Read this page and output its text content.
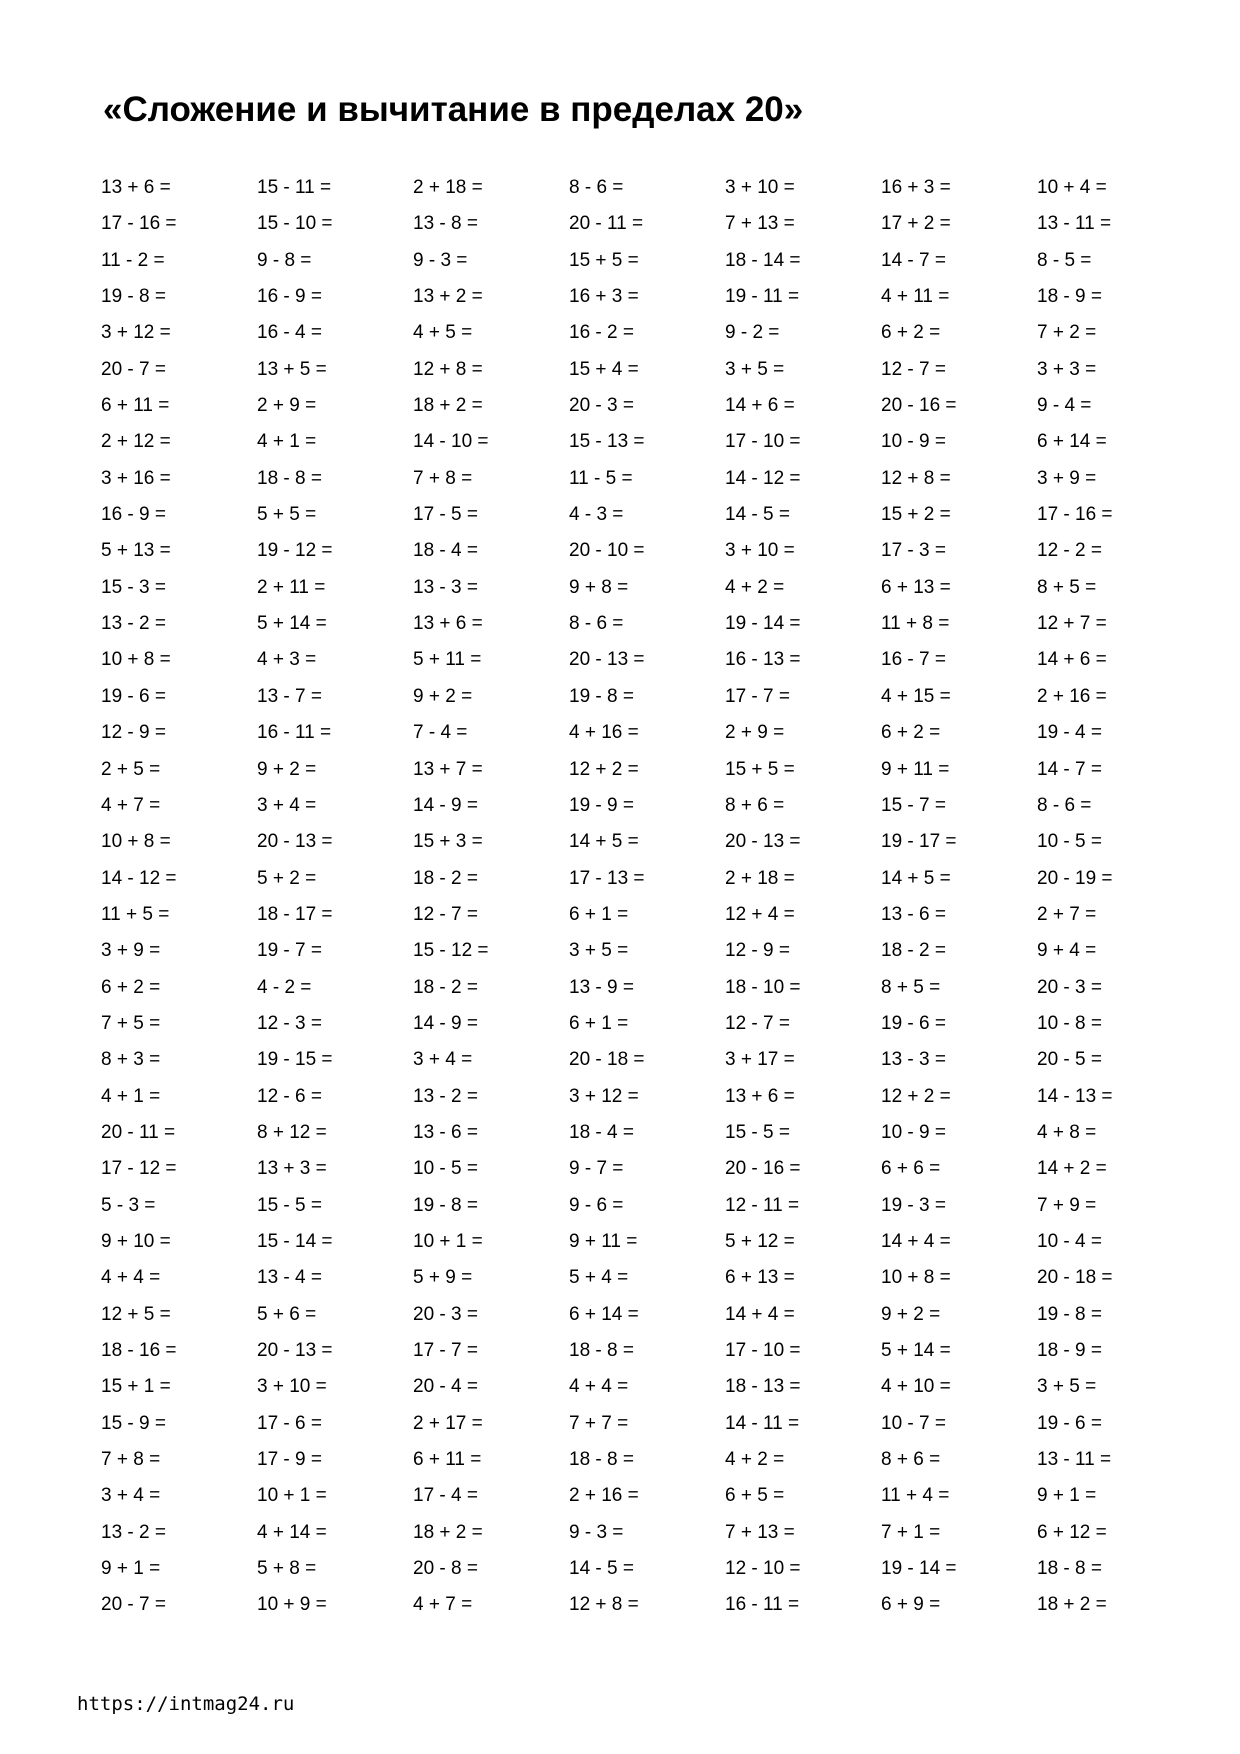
«Сложение и вычитание в пределах 20»
13 + 6 =	15 - 11 =	2 + 18 =	8 - 6 =	3 + 10 =	16 + 3 =	10 + 4 =
17 - 16 =	15 - 10 =	13 - 8 =	20 - 11 =	7 + 13 =	17 + 2 =	13 - 11 =
11 - 2 =	9 - 8 =	9 - 3 =	15 + 5 =	18 - 14 =	14 - 7 =	8 - 5 =
19 - 8 =	16 - 9 =	13 + 2 =	16 + 3 =	19 - 11 =	4 + 11 =	18 - 9 =
3 + 12 =	16 - 4 =	4 + 5 =	16 - 2 =	9 - 2 =	6 + 2 =	7 + 2 =
20 - 7 =	13 + 5 =	12 + 8 =	15 + 4 =	3 + 5 =	12 - 7 =	3 + 3 =
6 + 11 =	2 + 9 =	18 + 2 =	20 - 3 =	14 + 6 =	20 - 16 =	9 - 4 =
2 + 12 =	4 + 1 =	14 - 10 =	15 - 13 =	17 - 10 =	10 - 9 =	6 + 14 =
3 + 16 =	18 - 8 =	7 + 8 =	11 - 5 =	14 - 12 =	12 + 8 =	3 + 9 =
16 - 9 =	5 + 5 =	17 - 5 =	4 - 3 =	14 - 5 =	15 + 2 =	17 - 16 =
5 + 13 =	19 - 12 =	18 - 4 =	20 - 10 =	3 + 10 =	17 - 3 =	12 - 2 =
15 - 3 =	2 + 11 =	13 - 3 =	9 + 8 =	4 + 2 =	6 + 13 =	8 + 5 =
13 - 2 =	5 + 14 =	13 + 6 =	8 - 6 =	19 - 14 =	11 + 8 =	12 + 7 =
10 + 8 =	4 + 3 =	5 + 11 =	20 - 13 =	16 - 13 =	16 - 7 =	14 + 6 =
19 - 6 =	13 - 7 =	9 + 2 =	19 - 8 =	17 - 7 =	4 + 15 =	2 + 16 =
12 - 9 =	16 - 11 =	7 - 4 =	4 + 16 =	2 + 9 =	6 + 2 =	19 - 4 =
2 + 5 =	9 + 2 =	13 + 7 =	12 + 2 =	15 + 5 =	9 + 11 =	14 - 7 =
4 + 7 =	3 + 4 =	14 - 9 =	19 - 9 =	8 + 6 =	15 - 7 =	8 - 6 =
10 + 8 =	20 - 13 =	15 + 3 =	14 + 5 =	20 - 13 =	19 - 17 =	10 - 5 =
14 - 12 =	5 + 2 =	18 - 2 =	17 - 13 =	2 + 18 =	14 + 5 =	20 - 19 =
11 + 5 =	18 - 17 =	12 - 7 =	6 + 1 =	12 + 4 =	13 - 6 =	2 + 7 =
3 + 9 =	19 - 7 =	15 - 12 =	3 + 5 =	12 - 9 =	18 - 2 =	9 + 4 =
6 + 2 =	4 - 2 =	18 - 2 =	13 - 9 =	18 - 10 =	8 + 5 =	20 - 3 =
7 + 5 =	12 - 3 =	14 - 9 =	6 + 1 =	12 - 7 =	19 - 6 =	10 - 8 =
8 + 3 =	19 - 15 =	3 + 4 =	20 - 18 =	3 + 17 =	13 - 3 =	20 - 5 =
4 + 1 =	12 - 6 =	13 - 2 =	3 + 12 =	13 + 6 =	12 + 2 =	14 - 13 =
20 - 11 =	8 + 12 =	13 - 6 =	18 - 4 =	15 - 5 =	10 - 9 =	4 + 8 =
17 - 12 =	13 + 3 =	10 - 5 =	9 - 7 =	20 - 16 =	6 + 6 =	14 + 2 =
5 - 3 =	15 - 5 =	19 - 8 =	9 - 6 =	12 - 11 =	19 - 3 =	7 + 9 =
9 + 10 =	15 - 14 =	10 + 1 =	9 + 11 =	5 + 12 =	14 + 4 =	10 - 4 =
4 + 4 =	13 - 4 =	5 + 9 =	5 + 4 =	6 + 13 =	10 + 8 =	20 - 18 =
12 + 5 =	5 + 6 =	20 - 3 =	6 + 14 =	14 + 4 =	9 + 2 =	19 - 8 =
18 - 16 =	20 - 13 =	17 - 7 =	18 - 8 =	17 - 10 =	5 + 14 =	18 - 9 =
15 + 1 =	3 + 10 =	20 - 4 =	4 + 4 =	18 - 13 =	4 + 10 =	3 + 5 =
15 - 9 =	17 - 6 =	2 + 17 =	7 + 7 =	14 - 11 =	10 - 7 =	19 - 6 =
7 + 8 =	17 - 9 =	6 + 11 =	18 - 8 =	4 + 2 =	8 + 6 =	13 - 11 =
3 + 4 =	10 + 1 =	17 - 4 =	2 + 16 =	6 + 5 =	11 + 4 =	9 + 1 =
13 - 2 =	4 + 14 =	18 + 2 =	9 - 3 =	7 + 13 =	7 + 1 =	6 + 12 =
9 + 1 =	5 + 8 =	20 - 8 =	14 - 5 =	12 - 10 =	19 - 14 =	18 - 8 =
20 - 7 =	10 + 9 =	4 + 7 =	12 + 8 =	16 - 11 =	6 + 9 =	18 + 2 =
https://intmag24.ru
